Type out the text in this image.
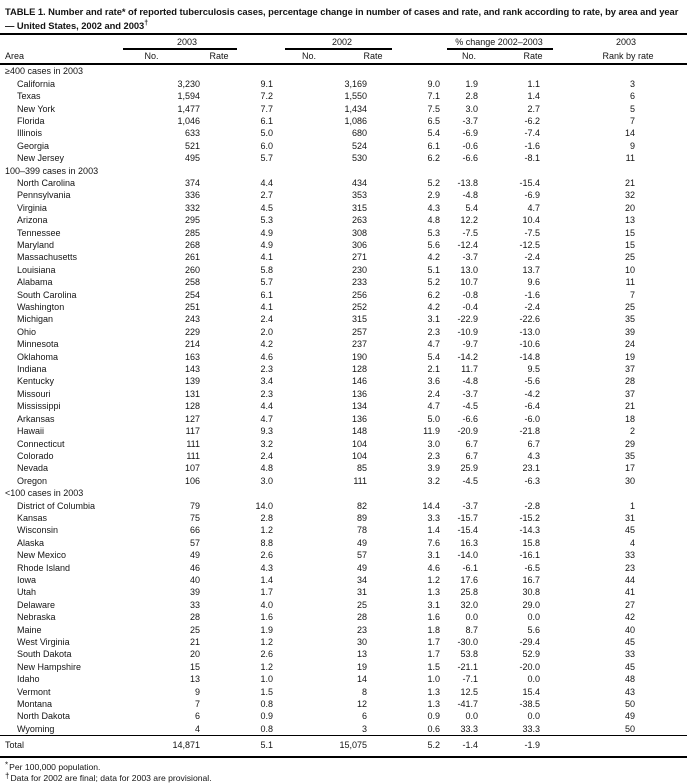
TABLE 1. Number and rate* of reported tuberculosis cases, percentage change in number of cases and rate, and rank according to rate, by area and year — United States, 2002 and 2003†
2003	2002	% change 2002–2003	2003
Area	No.	Rate	No.	Rate	No.	Rate	Rank by rate
≥400 cases in 2003							
California	3,230	9.1	3,169	9.0	1.9	1.1	3
Texas	1,594	7.2	1,550	7.1	2.8	1.4	6
New York	1,477	7.7	1,434	7.5	3.0	2.7	5
Florida	1,046	6.1	1,086	6.5	-3.7	-6.2	7
Illinois	633	5.0	680	5.4	-6.9	-7.4	14
Georgia	521	6.0	524	6.1	-0.6	-1.6	9
New Jersey	495	5.7	530	6.2	-6.6	-8.1	11
100–399 cases in 2003							
North Carolina	374	4.4	434	5.2	-13.8	-15.4	21
Pennsylvania	336	2.7	353	2.9	-4.8	-6.9	32
Virginia	332	4.5	315	4.3	5.4	4.7	20
Arizona	295	5.3	263	4.8	12.2	10.4	13
Tennessee	285	4.9	308	5.3	-7.5	-7.5	15
Maryland	268	4.9	306	5.6	-12.4	-12.5	15
Massachusetts	261	4.1	271	4.2	-3.7	-2.4	25
Louisiana	260	5.8	230	5.1	13.0	13.7	10
Alabama	258	5.7	233	5.2	10.7	9.6	11
South Carolina	254	6.1	256	6.2	-0.8	-1.6	7
Washington	251	4.1	252	4.2	-0.4	-2.4	25
Michigan	243	2.4	315	3.1	-22.9	-22.6	35
Ohio	229	2.0	257	2.3	-10.9	-13.0	39
Minnesota	214	4.2	237	4.7	-9.7	-10.6	24
Oklahoma	163	4.6	190	5.4	-14.2	-14.8	19
Indiana	143	2.3	128	2.1	11.7	9.5	37
Kentucky	139	3.4	146	3.6	-4.8	-5.6	28
Missouri	131	2.3	136	2.4	-3.7	-4.2	37
Mississippi	128	4.4	134	4.7	-4.5	-6.4	21
Arkansas	127	4.7	136	5.0	-6.6	-6.0	18
Hawaii	117	9.3	148	11.9	-20.9	-21.8	2
Connecticut	111	3.2	104	3.0	6.7	6.7	29
Colorado	111	2.4	104	2.3	6.7	4.3	35
Nevada	107	4.8	85	3.9	25.9	23.1	17
Oregon	106	3.0	111	3.2	-4.5	-6.3	30
<100 cases in 2003							
District of Columbia	79	14.0	82	14.4	-3.7	-2.8	1
Kansas	75	2.8	89	3.3	-15.7	-15.2	31
Wisconsin	66	1.2	78	1.4	-15.4	-14.3	45
Alaska	57	8.8	49	7.6	16.3	15.8	4
New Mexico	49	2.6	57	3.1	-14.0	-16.1	33
Rhode Island	46	4.3	49	4.6	-6.1	-6.5	23
Iowa	40	1.4	34	1.2	17.6	16.7	44
Utah	39	1.7	31	1.3	25.8	30.8	41
Delaware	33	4.0	25	3.1	32.0	29.0	27
Nebraska	28	1.6	28	1.6	0.0	0.0	42
Maine	25	1.9	23	1.8	8.7	5.6	40
West Virginia	21	1.2	30	1.7	-30.0	-29.4	45
South Dakota	20	2.6	13	1.7	53.8	52.9	33
New Hampshire	15	1.2	19	1.5	-21.1	-20.0	45
Idaho	13	1.0	14	1.0	-7.1	0.0	48
Vermont	9	1.5	8	1.3	12.5	15.4	43
Montana	7	0.8	12	1.3	-41.7	-38.5	50
North Dakota	6	0.9	6	0.9	0.0	0.0	49
Wyoming	4	0.8	3	0.6	33.3	33.3	50
Total	14,871	5.1	15,075	5.2	-1.4	-1.9	
*Per 100,000 population.
†Data for 2002 are final; data for 2003 are provisional.
